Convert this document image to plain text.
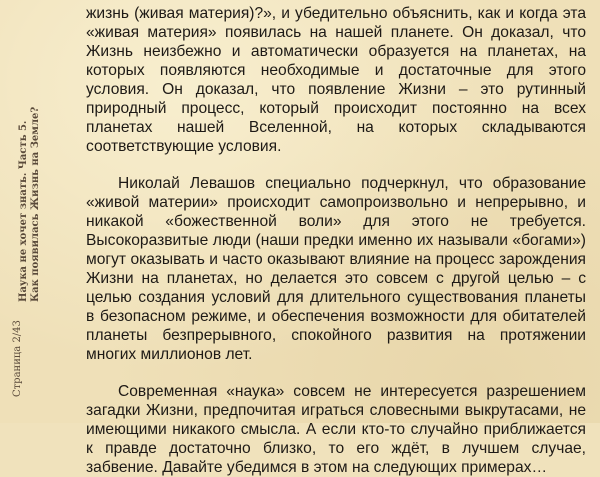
Страница 2/43
Наука не хочет знать. Часть 5. Как появилась Жизнь на Земле?

жизнь (живая материя)?», и убедительно объяснить, как и когда эта «живая материя» появилась на нашей планете. Он доказал, что Жизнь неизбежно и автоматически образуется на планетах, на которых появляются необходимые и достаточные для этого условия. Он доказал, что появление Жизни – это рутинный природный процесс, который происходит постоянно на всех планетах нашей Вселенной, на которых складываются соответствующие условия.

Николай Левашов специально подчеркнул, что образование «живой материи» происходит самопроизвольно и непрерывно, и никакой «божественной воли» для этого не требуется. Высокоразвитые люди (наши предки именно их называли «богами») могут оказывать и часто оказывают влияние на процесс зарождения Жизни на планетах, но делается это совсем с другой целью – с целью создания условий для длительного существования планеты в безопасном режиме, и обеспечения возможности для обитателей планеты безпрерывного, спокойного развития на протяжении многих миллионов лет.

Современная «наука» совсем не интересуется разрешением загадки Жизни, предпочитая играться словесными выкрутасами, не имеющими никакого смысла. А если кто-то случайно приближается к правде достаточно близко, то его ждёт, в лучшем случае, забвение. Давайте убедимся в этом на следующих примерах…
